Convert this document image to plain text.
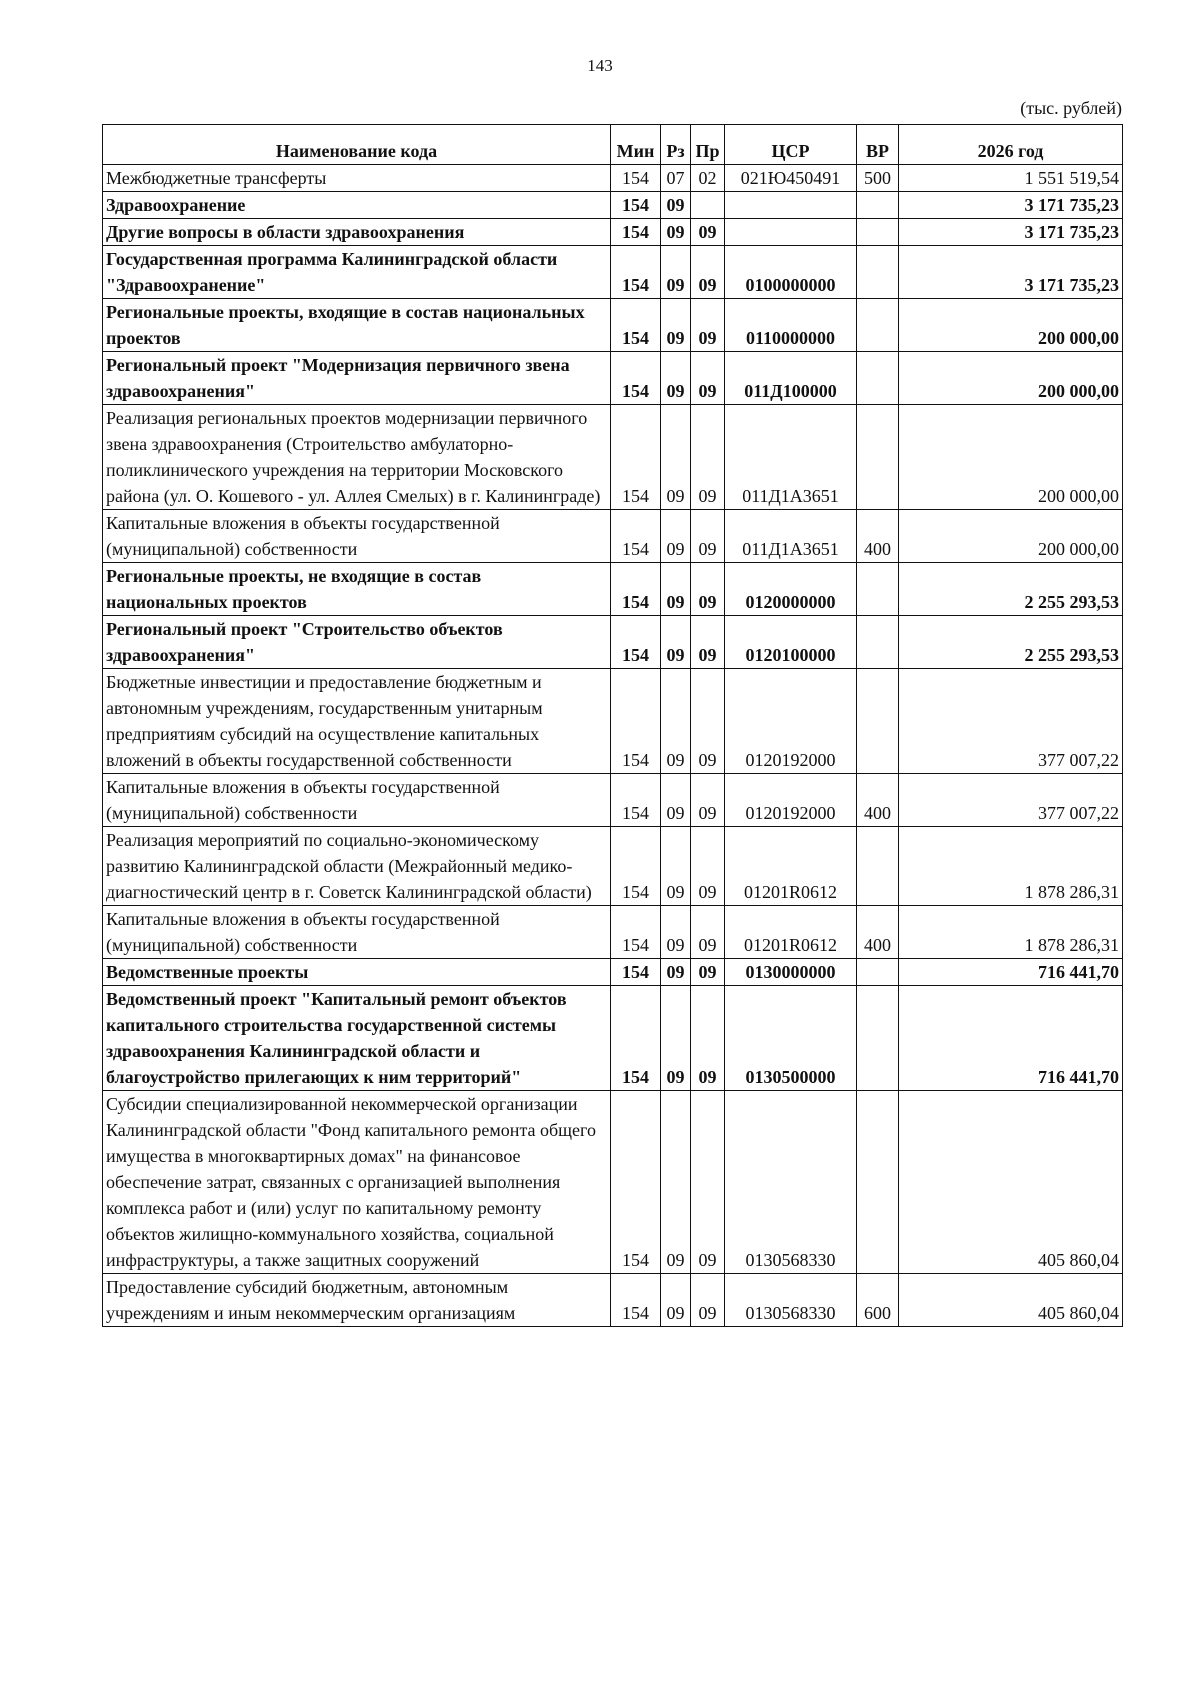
143
(тыс. рублей)
Наименование кода	Мин	Рз	Пр	ЦСР	ВР	2026 год
Межбюджетные трансферты	154	07	02	021Ю450491	500	1 551 519,54
Здравоохранение	154	09				3 171 735,23
Другие вопросы в области здравоохранения	154	09	09			3 171 735,23
Государственная программа Калининградской области "Здравоохранение"	154	09	09	0100000000		3 171 735,23
Региональные проекты, входящие в состав национальных проектов	154	09	09	0110000000		200 000,00
Региональный проект "Модернизация первичного звена здравоохранения"	154	09	09	011Д100000		200 000,00
Реализация региональных проектов модернизации первичного звена здравоохранения (Строительство амбулаторно-поликлинического учреждения на территории Московского района (ул. О. Кошевого - ул. Аллея Смелых) в г. Калининграде)	154	09	09	011Д1А3651		200 000,00
Капитальные вложения в объекты государственной (муниципальной) собственности	154	09	09	011Д1А3651	400	200 000,00
Региональные проекты, не входящие в состав национальных проектов	154	09	09	0120000000		2 255 293,53
Региональный проект "Строительство объектов здравоохранения"	154	09	09	0120100000		2 255 293,53
Бюджетные инвестиции и предоставление бюджетным и автономным учреждениям, государственным унитарным предприятиям субсидий на осуществление капитальных вложений в объекты государственной собственности	154	09	09	0120192000		377 007,22
Капитальные вложения в объекты государственной (муниципальной) собственности	154	09	09	0120192000	400	377 007,22
Реализация мероприятий по социально-экономическому развитию Калининградской области (Межрайонный медико-диагностический центр в г. Советск Калининградской области)	154	09	09	01201R0612		1 878 286,31
Капитальные вложения в объекты государственной (муниципальной) собственности	154	09	09	01201R0612	400	1 878 286,31
Ведомственные проекты	154	09	09	0130000000		716 441,70
Ведомственный проект "Капитальный ремонт объектов капитального строительства государственной системы здравоохранения Калининградской области и благоустройство прилегающих к ним территорий"	154	09	09	0130500000		716 441,70
Субсидии специализированной некоммерческой организации Калининградской области "Фонд капитального ремонта общего имущества в многоквартирных домах" на финансовое обеспечение затрат, связанных с организацией выполнения комплекса работ и (или) услуг по капитальному ремонту объектов жилищно-коммунального хозяйства, социальной инфраструктуры, а также защитных сооружений	154	09	09	0130568330		405 860,04
Предоставление субсидий бюджетным, автономным учреждениям и иным некоммерческим организациям	154	09	09	0130568330	600	405 860,04
